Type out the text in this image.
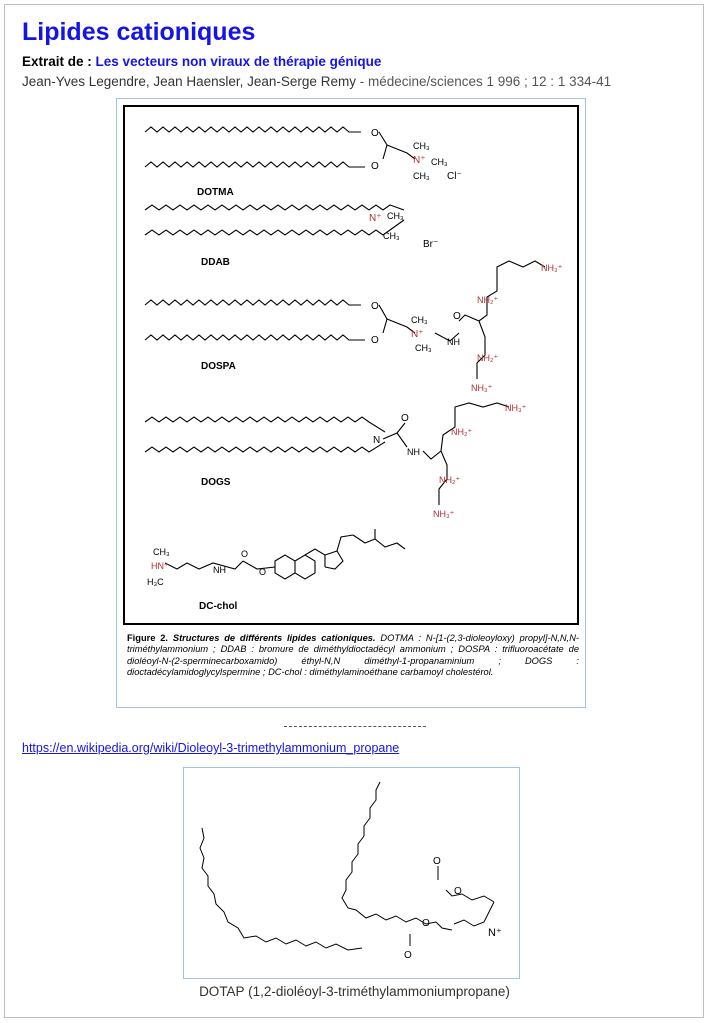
Lipides cationiques
Extrait de : Les vecteurs non viraux de thérapie génique
Jean-Yves Legendre, Jean Haensler, Jean-Serge Remy - médecine/sciences 1 996 ; 12 : 1 334-41
O
O
N⁺
CH₃
CH₃
CH₃ Cl⁻
DOTMA
N⁺ CH₃
CH₃
Br⁻
DDAB
O
O
N⁺
CH₃
CH₃
O
NH
NH₂⁺
NH₃⁺
NH₂⁺
NH₃⁺
DOSPA
N
O
NH
NH₂⁺
NH₃⁺
NH₂⁺
NH₃⁺
DOGS
CH₃
HN⁺
H₃C
NH
O
O
DC-chol
Figure 2. Structures de différents lipides cationiques. DOTMA : N-[1-(2,3-dioleoyloxy) propyl]-N,N,N-triméthylammonium ; DDAB : bromure de diméthyldioctadécyl ammonium ; DOSPA : trifluoroacétate de dioléoyl-N-(2-sperminecarboxamido) éthyl-N,N diméthyl-1-propanaminium ; DOGS : dioctadécylamidoglycylspermine ; DC-chol : diméthylaminoéthane carbamoyl cholestérol.
https://en.wikipedia.org/wiki/Dioleoyl-3-trimethylammonium_propane
O
O
O
O
N⁺
DOTAP (1,2-dioléoyl-3-triméthylammoniumpropane)
